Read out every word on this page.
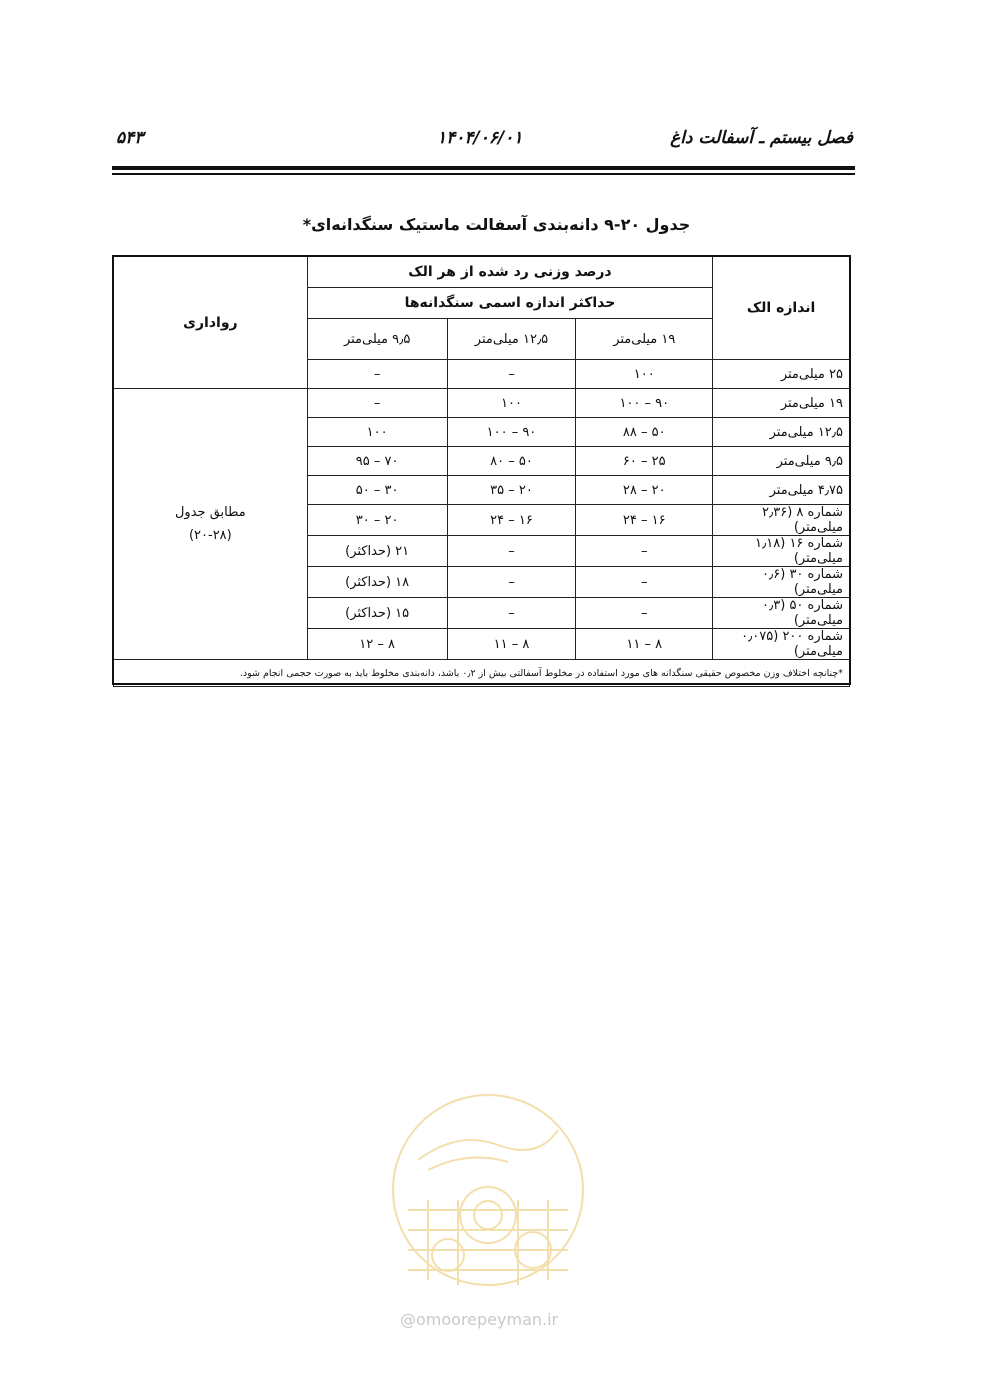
فصل بیستم ـ آسفالت داغ
۱۴۰۴/۰۶/۰۱
۵۴۳
جدول ۲۰-۹ دانه‌بندی آسفالت ماستیک سنگدانه‌ای*
اندازه الک	درصد وزنی رد شده از هر الک			رواداری
	حداکثر اندازه اسمی سنگدانه‌ها			
	۱۹ میلی‌متر	۱۲٫۵ میلی‌متر	۹٫۵ میلی‌متر	
۲۵ میلی‌متر	۱۰۰	–	–	
۱۹ میلی‌متر	۹۰ – ۱۰۰	۱۰۰	–	مطابق جدول
(۲۰-۲۸)

۱۲٫۵ میلی‌متر	۵۰ – ۸۸	۹۰ – ۱۰۰	۱۰۰	
۹٫۵ میلی‌متر	۲۵ – ۶۰	۵۰ – ۸۰	۷۰ – ۹۵	
۴٫۷۵ میلی‌متر	۲۰ – ۲۸	۲۰ – ۳۵	۳۰ – ۵۰	
شماره ۸ (۲٫۳۶ میلی‌متر)	۱۶ – ۲۴	۱۶ – ۲۴	۲۰ – ۳۰	
شماره ۱۶ (۱٫۱۸ میلی‌متر)	–	–	۲۱ (حداکثر)	
شماره ۳۰ (۰٫۶ میلی‌متر)	–	–	۱۸ (حداکثر)	
شماره ۵۰ (۰٫۳ میلی‌متر)	–	–	۱۵ (حداکثر)	
شماره ۲۰۰ (۰٫۰۷۵ میلی‌متر)	۸ – ۱۱	۸ – ۱۱	۸ – ۱۲	
*چنانچه اختلاف وزن مخصوص حقیقی سنگدانه های مورد استفاده در مخلوط آسفالتی بیش از ۰٫۲ باشد، دانه‌بندی مخلوط باید به صورت حجمی انجام شود.				
@omoorepeyman.ir
